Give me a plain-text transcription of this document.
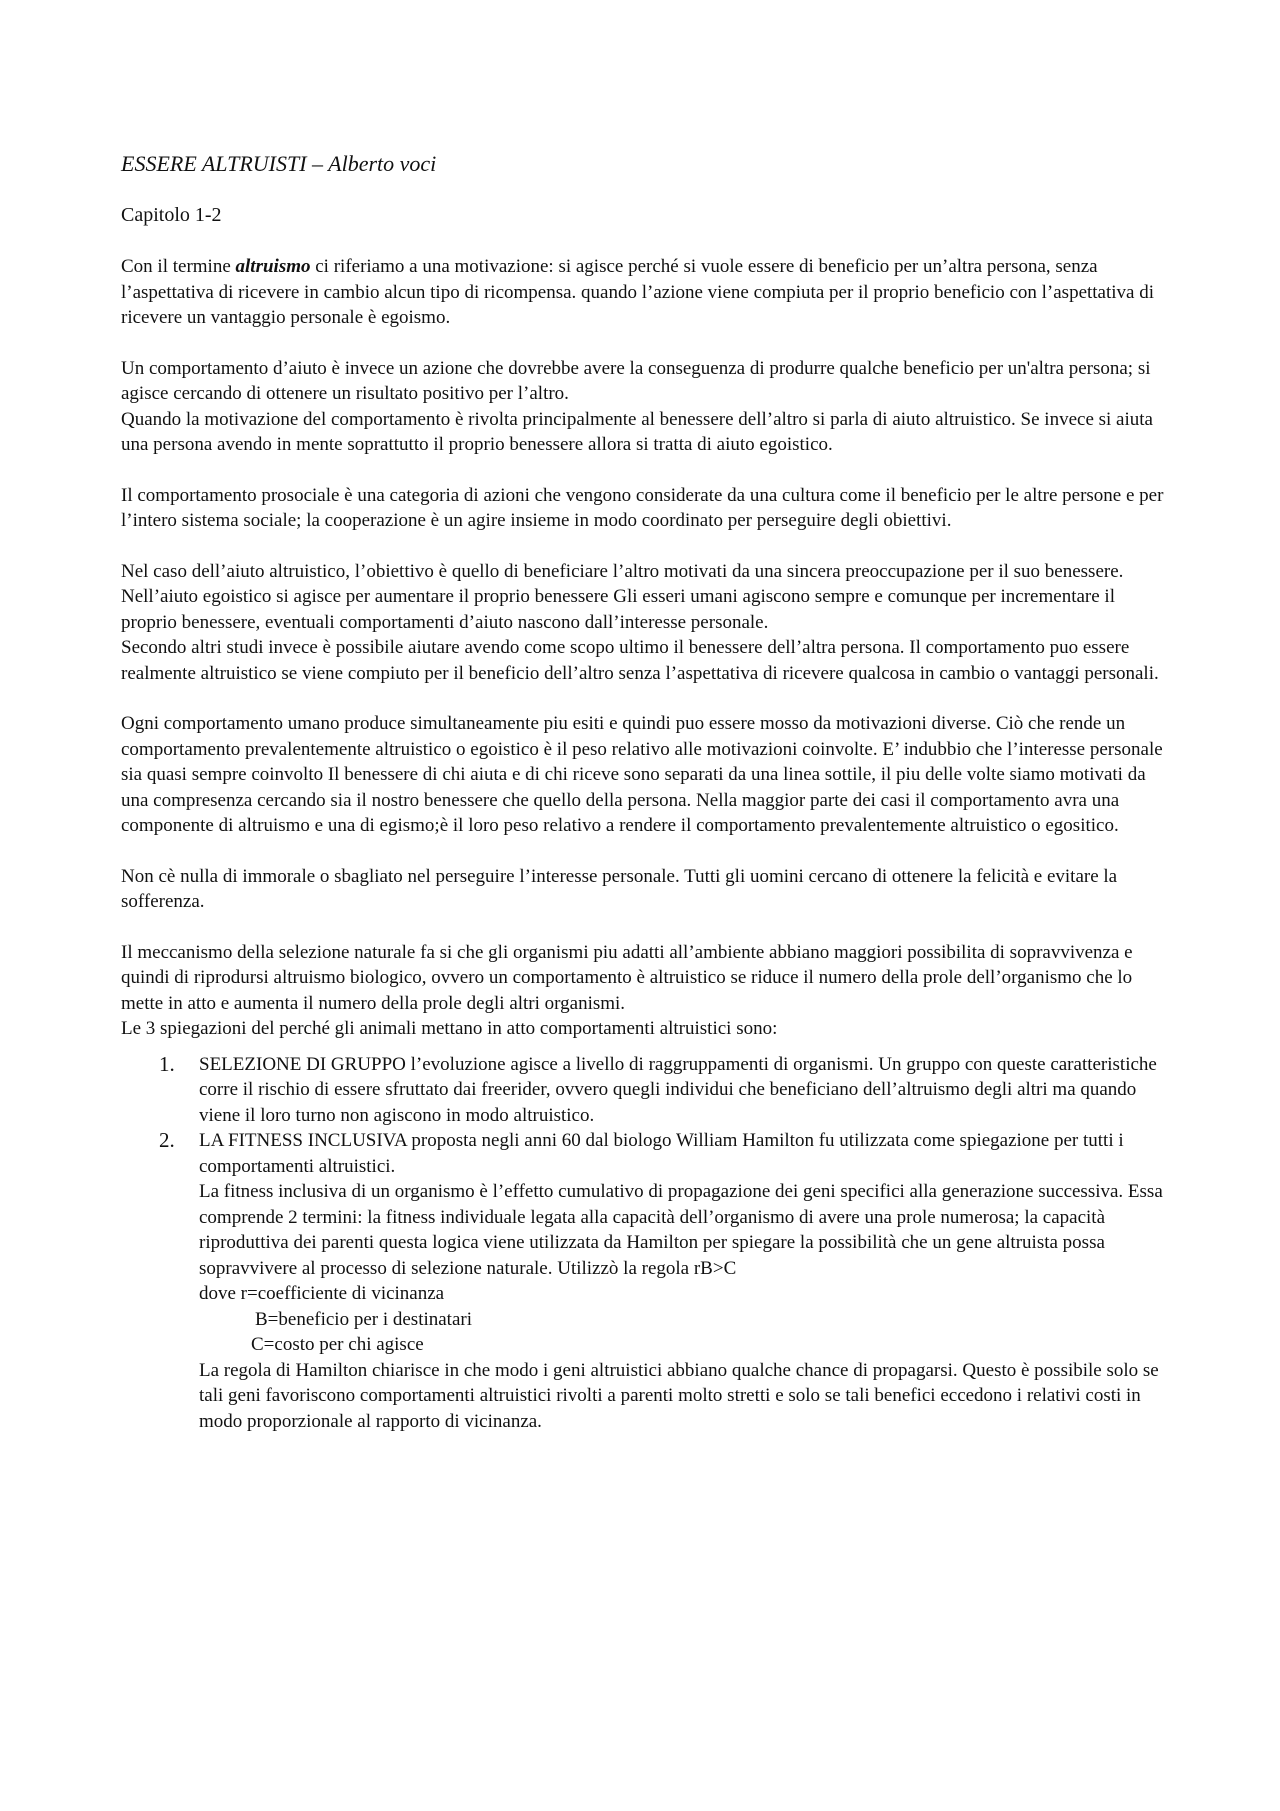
ESSERE ALTRUISTI – Alberto voci
Capitolo 1-2

Con il termine altruismo ci riferiamo a una motivazione: si agisce perché si vuole essere di beneficio per un’altra persona, senza l’aspettativa di ricevere in cambio alcun tipo di ricompensa. quando l’azione viene compiuta per il proprio beneficio con l’aspettativa di ricevere un vantaggio personale è egoismo.

Un comportamento d’aiuto è invece un azione che dovrebbe avere la conseguenza di produrre qualche beneficio per un'altra persona; si agisce cercando di ottenere un risultato positivo per l’altro.

Quando la motivazione del comportamento è rivolta principalmente al benessere dell’altro si parla di aiuto altruistico. Se invece si aiuta una persona avendo in mente soprattutto il proprio benessere allora si tratta di aiuto egoistico.

Il comportamento prosociale è una categoria di azioni che vengono considerate da una cultura come il beneficio per le altre persone e per l’intero sistema sociale; la cooperazione è un agire insieme in modo coordinato per perseguire degli obiettivi.

Nel caso dell’aiuto altruistico, l’obiettivo è quello di beneficiare l’altro motivati da una sincera preoccupazione per il suo benessere. Nell’aiuto egoistico si agisce per aumentare il proprio benessere Gli esseri umani agiscono sempre e comunque per incrementare il proprio benessere, eventuali comportamenti d’aiuto nascono dall’interesse personale.

Secondo altri studi invece è possibile aiutare avendo come scopo ultimo il benessere dell’altra persona. Il comportamento puo essere realmente altruistico se viene compiuto per il beneficio dell’altro senza l’aspettativa di ricevere qualcosa in cambio o vantaggi personali.

Ogni comportamento umano produce simultaneamente piu esiti e quindi puo essere mosso da motivazioni diverse. Ciò che rende un comportamento prevalentemente altruistico o egoistico è il peso relativo alle motivazioni coinvolte. E’ indubbio che l’interesse personale sia quasi sempre coinvolto Il benessere di chi aiuta e di chi riceve sono separati da una linea sottile, il piu delle volte siamo motivati da una compresenza cercando sia il nostro benessere che quello della persona. Nella maggior parte dei casi il comportamento avra una componente di altruismo e una di egismo;è il loro peso relativo a rendere il comportamento prevalentemente altruistico o egositico.

Non cè nulla di immorale o sbagliato nel perseguire l’interesse personale. Tutti gli uomini cercano di ottenere la felicità e evitare la sofferenza.

Il meccanismo della selezione naturale fa si che gli organismi piu adatti all’ambiente abbiano maggiori possibilita di sopravvivenza e quindi di riprodursi altruismo biologico, ovvero un comportamento è altruistico se riduce il numero della prole dell’organismo che lo mette in atto e aumenta il numero della prole degli altri organismi.

Le 3 spiegazioni del perché gli animali mettano in atto comportamenti altruistici sono:

1. SELEZIONE DI GRUPPO l’evoluzione agisce a livello di raggruppamenti di organismi. Un gruppo con queste caratteristiche corre il rischio di essere sfruttato dai freerider, ovvero quegli individui che beneficiano dell’altruismo degli altri ma quando viene il loro turno non agiscono in modo altruistico.
2. LA FITNESS INCLUSIVA proposta negli anni 60 dal biologo William Hamilton fu utilizzata come spiegazione per tutti i comportamenti altruistici.
La fitness inclusiva di un organismo è l’effetto cumulativo di propagazione dei geni specifici alla generazione successiva. Essa comprende 2 termini: la fitness individuale legata alla capacità dell’organismo di avere una prole numerosa; la capacità riproduttiva dei parenti questa logica viene utilizzata da Hamilton per spiegare la possibilità che un gene altruista possa sopravvivere al processo di selezione naturale. Utilizzò la regola rB>C
dove r=coefficiente di vicinanza
B=beneficio per i destinatari
C=costo per chi agisce
La regola di Hamilton chiarisce in che modo i geni altruistici abbiano qualche chance di propagarsi. Questo è possibile solo se tali geni favoriscono comportamenti altruistici rivolti a parenti molto stretti e solo se tali benefici eccedono i relativi costi in modo proporzionale al rapporto di vicinanza.
